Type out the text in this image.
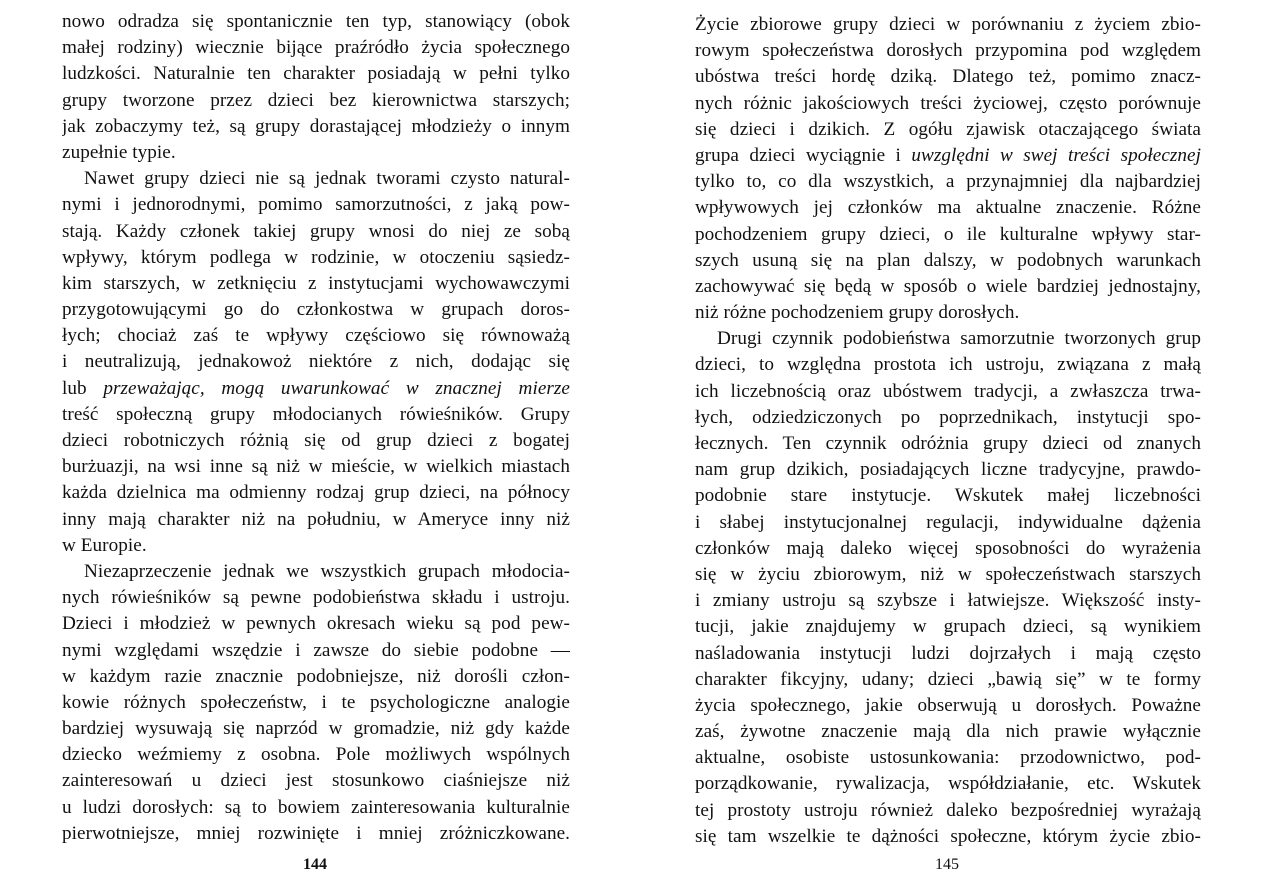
nowo odradza się spontanicznie ten typ, stanowiący (obok
małej rodziny) wiecznie bijące praźródło życia społecznego
ludzkości. Naturalnie ten charakter posiadają w pełni tylko
grupy tworzone przez dzieci bez kierownictwa starszych;
jak zobaczymy też, są grupy dorastającej młodzieży o innym
zupełnie typie.
Nawet grupy dzieci nie są jednak tworami czysto natural-
nymi i jednorodnymi, pomimo samorzutności, z jaką pow-
stają. Każdy członek takiej grupy wnosi do niej ze sobą
wpływy, którym podlega w rodzinie, w otoczeniu sąsiedz-
kim starszych, w zetknięciu z instytucjami wychowawczymi
przygotowującymi go do członkostwa w grupach doros-
łych; chociaż zaś te wpływy częściowo się równoważą
i neutralizują, jednakowoż niektóre z nich, dodając się
lub przeważając, mogą uwarunkować w znacznej mierze
treść społeczną grupy młodocianych rówieśników. Grupy
dzieci robotniczych różnią się od grup dzieci z bogatej
burżuazji, na wsi inne są niż w mieście, w wielkich miastach
każda dzielnica ma odmienny rodzaj grup dzieci, na północy
inny mają charakter niż na południu, w Ameryce inny niż
w Europie.
Niezaprzeczenie jednak we wszystkich grupach młodocia-
nych rówieśników są pewne podobieństwa składu i ustroju.
Dzieci i młodzież w pewnych okresach wieku są pod pew-
nymi względami wszędzie i zawsze do siebie podobne —
w każdym razie znacznie podobniejsze, niż dorośli człon-
kowie różnych społeczeństw, i te psychologiczne analogie
bardziej wysuwają się naprzód w gromadzie, niż gdy każde
dziecko weźmiemy z osobna. Pole możliwych wspólnych
zainteresowań u dzieci jest stosunkowo ciaśniejsze niż
u ludzi dorosłych: są to bowiem zainteresowania kulturalnie
pierwotniejsze, mniej rozwinięte i mniej zróżniczkowane.
144
Życie zbiorowe grupy dzieci w porównaniu z życiem zbio-
rowym społeczeństwa dorosłych przypomina pod względem
ubóstwa treści hordę dziką. Dlatego też, pomimo znacz-
nych różnic jakościowych treści życiowej, często porównuje
się dzieci i dzikich. Z ogółu zjawisk otaczającego świata
grupa dzieci wyciągnie i uwzględni w swej treści społecznej
tylko to, co dla wszystkich, a przynajmniej dla najbardziej
wpływowych jej członków ma aktualne znaczenie. Różne
pochodzeniem grupy dzieci, o ile kulturalne wpływy star-
szych usuną się na plan dalszy, w podobnych warunkach
zachowywać się będą w sposób o wiele bardziej jednostajny,
niż różne pochodzeniem grupy dorosłych.
Drugi czynnik podobieństwa samorzutnie tworzonych grup
dzieci, to względna prostota ich ustroju, związana z małą
ich liczebnością oraz ubóstwem tradycji, a zwłaszcza trwa-
łych, odziedziczonych po poprzednikach, instytucji spo-
łecznych. Ten czynnik odróżnia grupy dzieci od znanych
nam grup dzikich, posiadających liczne tradycyjne, prawdo-
podobnie stare instytucje. Wskutek małej liczebności
i słabej instytucjonalnej regulacji, indywidualne dążenia
członków mają daleko więcej sposobności do wyrażenia
się w życiu zbiorowym, niż w społeczeństwach starszych
i zmiany ustroju są szybsze i łatwiejsze. Większość insty-
tucji, jakie znajdujemy w grupach dzieci, są wynikiem
naśladowania instytucji ludzi dojrzałych i mają często
charakter fikcyjny, udany; dzieci „bawią się” w te formy
życia społecznego, jakie obserwują u dorosłych. Poważne
zaś, żywotne znaczenie mają dla nich prawie wyłącznie
aktualne, osobiste ustosunkowania: przodownictwo, pod-
porządkowanie, rywalizacja, współdziałanie, etc. Wskutek
tej prostoty ustroju również daleko bezpośredniej wyrażają
się tam wszelkie te dążności społeczne, którym życie zbio-
145
